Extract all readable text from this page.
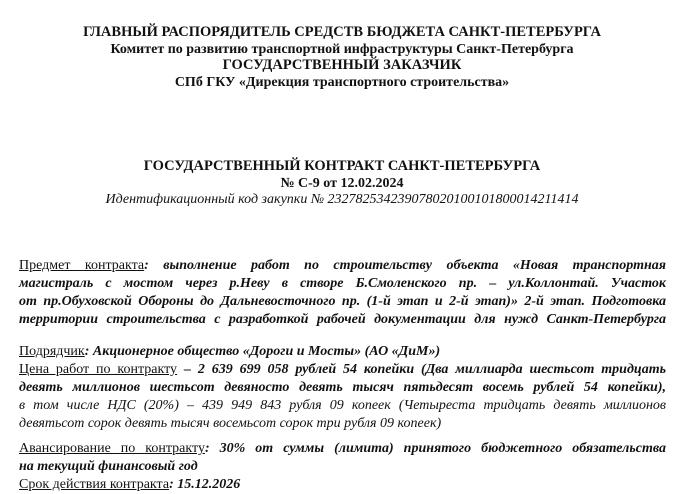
ГЛАВНЫЙ РАСПОРЯДИТЕЛЬ СРЕДСТВ БЮДЖЕТА САНКТ-ПЕТЕРБУРГА
Комитет по развитию транспортной инфраструктуры Санкт-Петербурга
ГОСУДАРСТВЕННЫЙ ЗАКАЗЧИК
СПб ГКУ «Дирекция транспортного строительства»
ГОСУДАРСТВЕННЫЙ КОНТРАКТ САНКТ-ПЕТЕРБУРГА
№ С-9 от 12.02.2024
Идентификационный код закупки № 232782534239078020100101800014211414
Предмет контракта: выполнение работ по строительству объекта «Новая транспортная
магистраль с мостом через р.Неву в створе Б.Смоленского пр. – ул.Коллонтай. Участок
от пр.Обуховской Обороны до Дальневосточного пр. (1-й этап и 2-й этап)» 2-й этап. Подготовка
территории строительства с разработкой рабочей документации для нужд Санкт-Петербурга
Подрядчик: Акционерное общество «Дороги и Мосты» (АО «ДиМ»)
Цена работ по контракту – 2 639 699 058 рублей 54 копейки (Два миллиарда шестьсот тридцать
девять миллионов шестьсот девяносто девять тысяч пятьдесят восемь рублей 54 копейки),
в том числе НДС (20%) – 439 949 843 рубля 09 копеек (Четыреста тридцать девять миллионов
девятьсот сорок девять тысяч восемьсот сорок три рубля 09 копеек)
Авансирование по контракту: 30% от суммы (лимита) принятого бюджетного обязательства
на текущий финансовый год
Срок действия контракта: 15.12.2026
